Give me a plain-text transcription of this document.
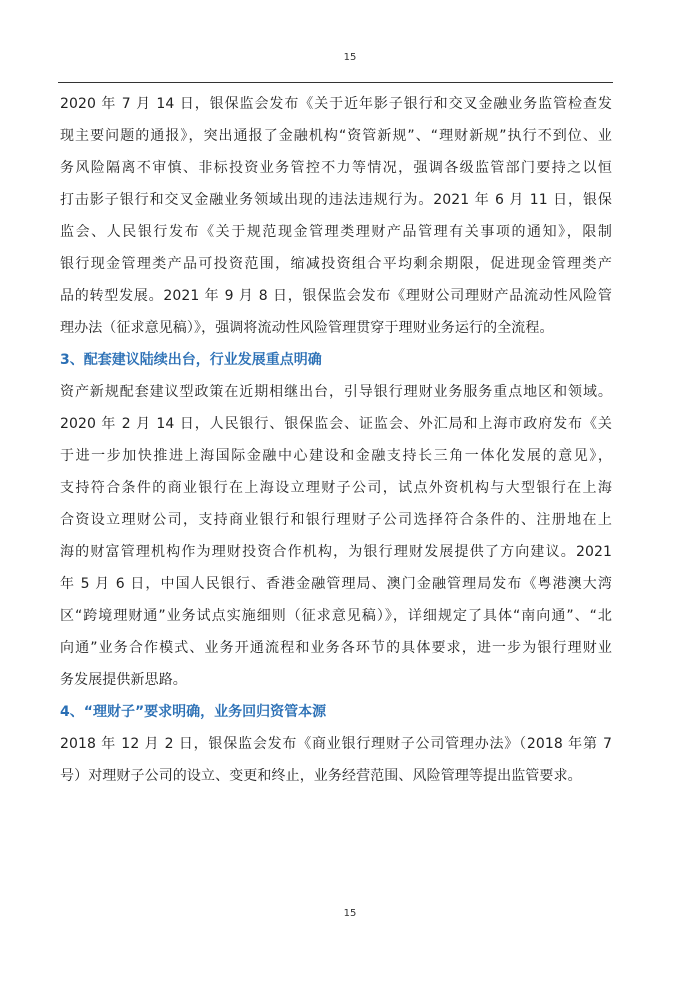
15
2020 年 7 月 14 日，银保监会发布《关于近年影子银行和交叉金融业务监管检查发
现主要问题的通报》，突出通报了金融机构“资管新规”、“理财新规”执行不到位、业
务风险隔离不审慎、非标投资业务管控不力等情况，强调各级监管部门要持之以恒
打击影子银行和交叉金融业务领域出现的违法违规行为。2021 年 6 月 11 日，银保
监会、人民银行发布《关于规范现金管理类理财产品管理有关事项的通知》，限制
银行现金管理类产品可投资范围，缩减投资组合平均剩余期限，促进现金管理类产
品的转型发展。2021 年 9 月 8 日，银保监会发布《理财公司理财产品流动性风险管
理办法（征求意见稿）》，强调将流动性风险管理贯穿于理财业务运行的全流程。
3、配套建议陆续出台，行业发展重点明确
资产新规配套建议型政策在近期相继出台，引导银行理财业务服务重点地区和领域。
2020 年 2 月 14 日，人民银行、银保监会、证监会、外汇局和上海市政府发布《关
于进一步加快推进上海国际金融中心建设和金融支持长三角一体化发展的意见》，
支持符合条件的商业银行在上海设立理财子公司，试点外资机构与大型银行在上海
合资设立理财公司，支持商业银行和银行理财子公司选择符合条件的、注册地在上
海的财富管理机构作为理财投资合作机构，为银行理财发展提供了方向建议。2021
年 5 月 6 日，中国人民银行、香港金融管理局、澳门金融管理局发布《粤港澳大湾
区“跨境理财通”业务试点实施细则（征求意见稿）》，详细规定了具体“南向通”、“北
向通”业务合作模式、业务开通流程和业务各环节的具体要求，进一步为银行理财业
务发展提供新思路。
4、“理财子”要求明确，业务回归资管本源
2018 年 12 月 2 日，银保监会发布《商业银行理财子公司管理办法》（2018 年第 7
号）对理财子公司的设立、变更和终止，业务经营范围、风险管理等提出监管要求。
15
